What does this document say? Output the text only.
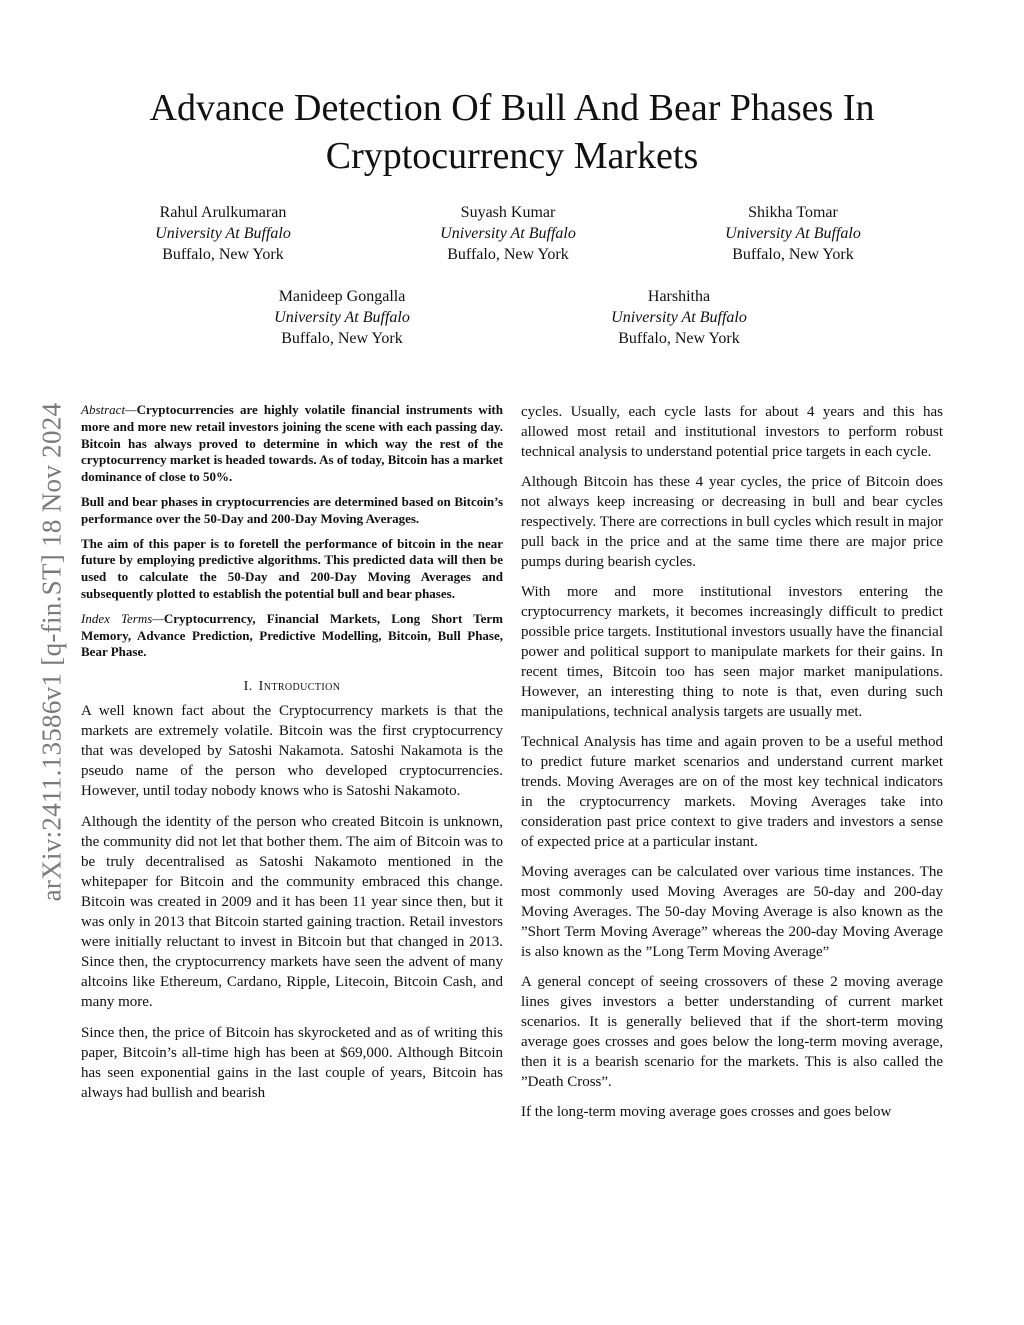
Advance Detection Of Bull And Bear Phases In Cryptocurrency Markets
Rahul Arulkumaran
University At Buffalo
Buffalo, New York
Suyash Kumar
University At Buffalo
Buffalo, New York
Shikha Tomar
University At Buffalo
Buffalo, New York
Manideep Gongalla
University At Buffalo
Buffalo, New York
Harshitha
University At Buffalo
Buffalo, New York
arXiv:2411.13586v1 [q-fin.ST] 18 Nov 2024 Abstract—Cryptocurrencies are highly volatile financial instruments with more and more new retail investors joining the scene with each passing day. Bitcoin has always proved to determine in which way the rest of the cryptocurrency market is headed towards. As of today, Bitcoin has a market dominance of close to 50%.

Bull and bear phases in cryptocurrencies are determined based on Bitcoin’s performance over the 50-Day and 200-Day Moving Averages.

The aim of this paper is to foretell the performance of bitcoin in the near future by employing predictive algorithms. This predicted data will then be used to calculate the 50-Day and 200-Day Moving Averages and subsequently plotted to establish the potential bull and bear phases.

Index Terms—Cryptocurrency, Financial Markets, Long Short Term Memory, Advance Prediction, Predictive Modelling, Bitcoin, Bull Phase, Bear Phase.

I. Introduction

A well known fact about the Cryptocurrency markets is that the markets are extremely volatile. Bitcoin was the first cryptocurrency that was developed by Satoshi Nakamota. Satoshi Nakamota is the pseudo name of the person who developed cryptocurrencies. However, until today nobody knows who is Satoshi Nakamoto.

Although the identity of the person who created Bitcoin is unknown, the community did not let that bother them. The aim of Bitcoin was to be truly decentralised as Satoshi Nakamoto mentioned in the whitepaper for Bitcoin and the community embraced this change. Bitcoin was created in 2009 and it has been 11 year since then, but it was only in 2013 that Bitcoin started gaining traction. Retail investors were initially reluctant to invest in Bitcoin but that changed in 2013. Since then, the cryptocurrency markets have seen the advent of many altcoins like Ethereum, Cardano, Ripple, Litecoin, Bitcoin Cash, and many more.

Since then, the price of Bitcoin has skyrocketed and as of writing this paper, Bitcoin’s all-time high has been at $69,000. Although Bitcoin has seen exponential gains in the last couple of years, Bitcoin has always had bullish and bearish

cycles. Usually, each cycle lasts for about 4 years and this has allowed most retail and institutional investors to perform robust technical analysis to understand potential price targets in each cycle.

Although Bitcoin has these 4 year cycles, the price of Bitcoin does not always keep increasing or decreasing in bull and bear cycles respectively. There are corrections in bull cycles which result in major pull back in the price and at the same time there are major price pumps during bearish cycles.

With more and more institutional investors entering the cryptocurrency markets, it becomes increasingly difficult to predict possible price targets. Institutional investors usually have the financial power and political support to manipulate markets for their gains. In recent times, Bitcoin too has seen major market manipulations. However, an interesting thing to note is that, even during such manipulations, technical analysis targets are usually met.

Technical Analysis has time and again proven to be a useful method to predict future market scenarios and understand current market trends. Moving Averages are on of the most key technical indicators in the cryptocurrency markets. Moving Averages take into consideration past price context to give traders and investors a sense of expected price at a particular instant.

Moving averages can be calculated over various time instances. The most commonly used Moving Averages are 50-day and 200-day Moving Averages. The 50-day Moving Average is also known as the ”Short Term Moving Average” whereas the 200-day Moving Average is also known as the ”Long Term Moving Average”

A general concept of seeing crossovers of these 2 moving average lines gives investors a better understanding of current market scenarios. It is generally believed that if the short-term moving average goes crosses and goes below the long-term moving average, then it is a bearish scenario for the markets. This is also called the ”Death Cross”.

If the long-term moving average goes crosses and goes below
